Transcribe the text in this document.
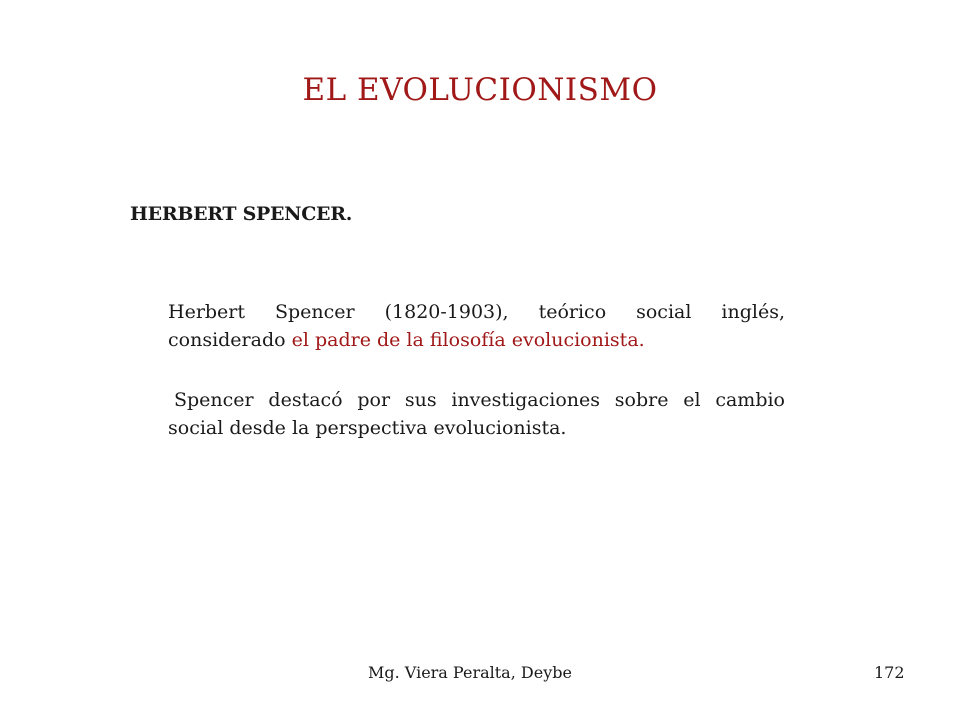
EL EVOLUCIONISMO
HERBERT SPENCER.

Herbert Spencer (1820-1903), teórico social inglés, considerado el padre de la filosofía evolucionista.

Spencer destacó por sus investigaciones sobre el cambio social desde la perspectiva evolucionista.

Mg. Viera Peralta, Deybe	172
